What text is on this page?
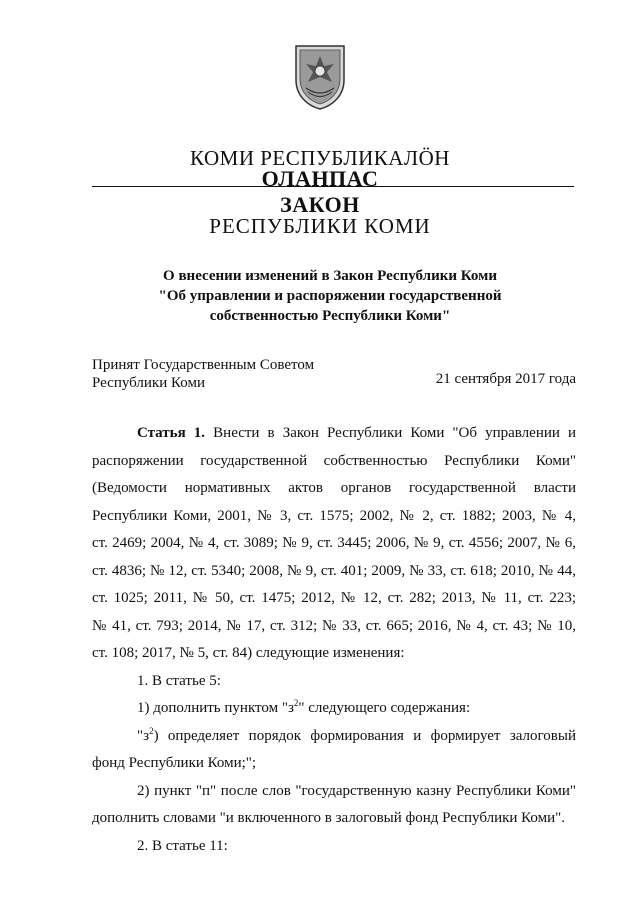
КОМИ РЕСПУБЛИКАЛӦН
ОЛАНПАС
ЗАКОН
РЕСПУБЛИКИ КОМИ
О внесении изменений в Закон Республики Коми
"Об управлении и распоряжении государственной
собственностью Республики Коми"
Принят Государственным Советом
Республики Коми	21 сентября 2017 года
Статья 1. Внести в Закон Республики Коми "Об управлении и
распоряжении государственной собственностью Республики Коми"
(Ведомости нормативных актов органов государственной власти
Республики Коми, 2001, № 3, ст. 1575; 2002, № 2, ст. 1882; 2003, № 4,
ст. 2469; 2004, № 4, ст. 3089; № 9, ст. 3445; 2006, № 9, ст. 4556; 2007, № 6,
ст. 4836; № 12, ст. 5340; 2008, № 9, ст. 401; 2009, № 33, ст. 618; 2010, № 44,
ст. 1025; 2011, № 50, ст. 1475; 2012, № 12, ст. 282; 2013, № 11, ст. 223;
№ 41, ст. 793; 2014, № 17, ст. 312; № 33, ст. 665; 2016, № 4, ст. 43; № 10,
ст. 108; 2017, № 5, ст. 84) следующие изменения:
1. В статье 5:
1) дополнить пунктом "$з^2$" следующего содержания:
"$з^2$) определяет порядок формирования и формирует залоговый
фонд Республики Коми;";
2) пункт "п" после слов "государственную казну Республики Коми"
дополнить словами "и включенного в залоговый фонд Республики Коми".
2. В статье 11:
